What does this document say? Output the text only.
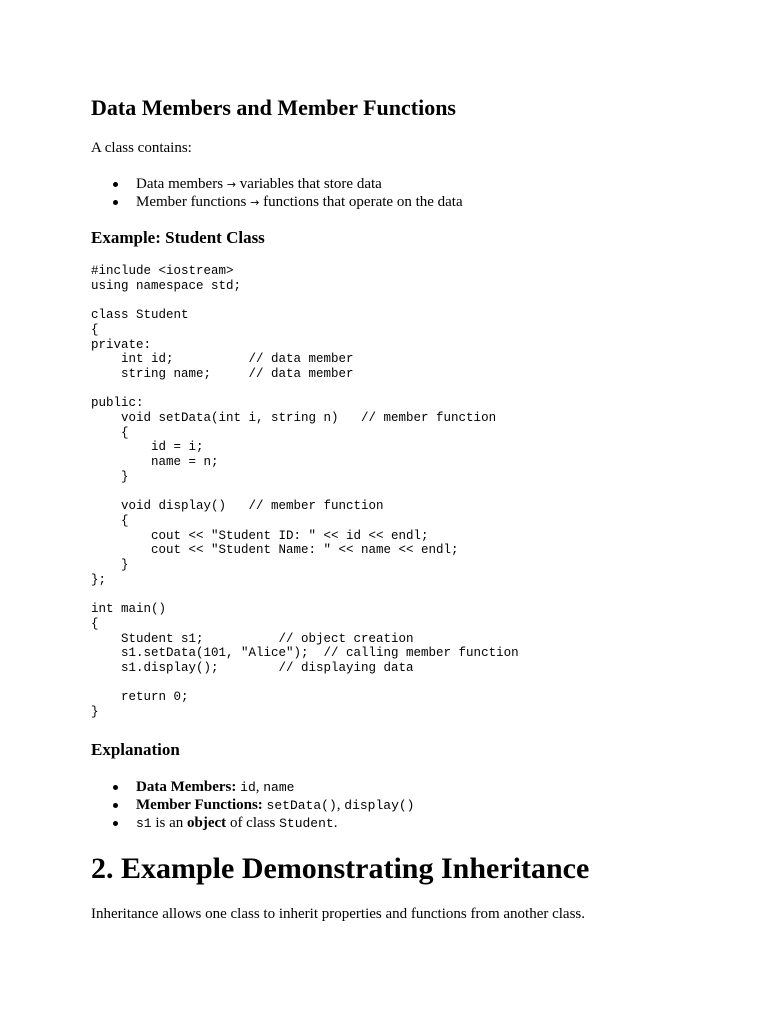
Data Members and Member Functions

A class contains:

Data members → variables that store data
Member functions → functions that operate on the data
Example: Student Class
#include <iostream>
using namespace std;

class Student
{
private:
int id;          // data member
string name;     // data member

public:
void setData(int i, string n)   // member function
{
id = i;
name = n;
}

void display()   // member function
{
cout << "Student ID: " << id << endl;
cout << "Student Name: " << name << endl;
}
};

int main()
{
Student s1;          // object creation
s1.setData(101, "Alice");  // calling member function
s1.display();        // displaying data

return 0;
}
Explanation
Data Members: id, name
Member Functions: setData(), display()
s1 is an object of class Student.
2. Example Demonstrating Inheritance

Inheritance allows one class to inherit properties and functions from another class.
